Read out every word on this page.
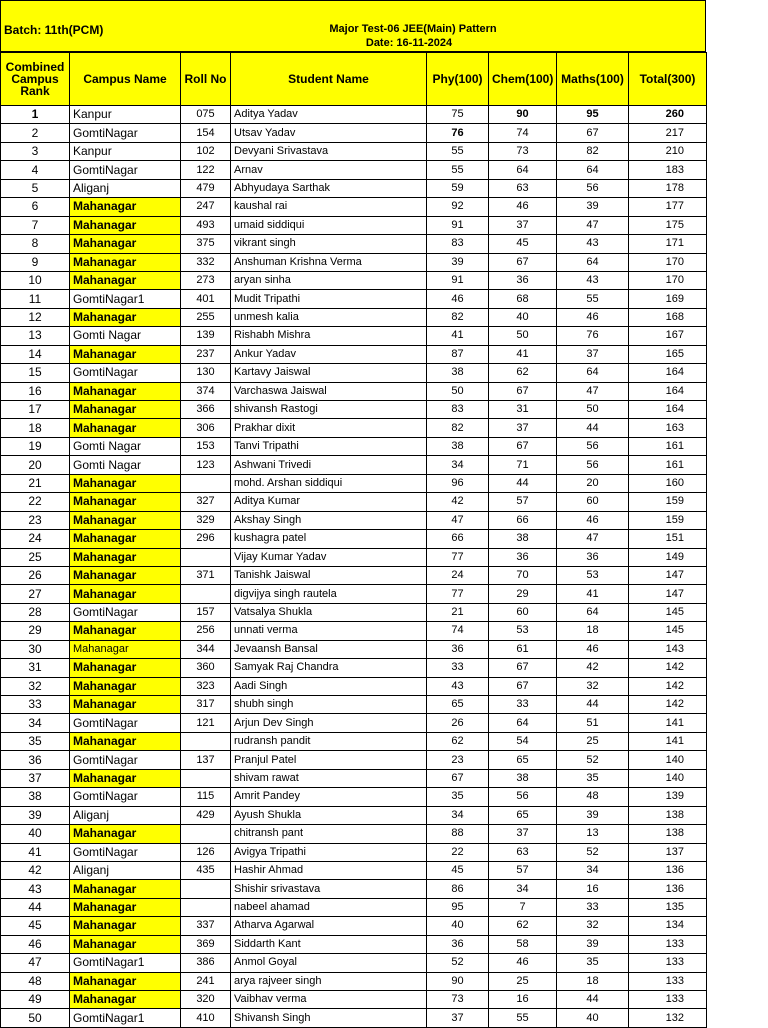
Batch: 11th(PCM)	Major Test-06 JEE(Main) Pattern
Date: 16-11-2024
Combined Campus Rank	Campus Name	Roll No	Student Name	Phy(100)	Chem(100)	Maths(100)	Total(300)
1	Kanpur	075	Aditya Yadav	75	90	95	260
2	GomtiNagar	154	Utsav Yadav	76	74	67	217
3	Kanpur	102	Devyani Srivastava	55	73	82	210
4	GomtiNagar	122	Arnav	55	64	64	183
5	Aliganj	479	Abhyudaya Sarthak	59	63	56	178
6	Mahanagar	247	kaushal rai	92	46	39	177
7	Mahanagar	493	umaid siddiqui	91	37	47	175
8	Mahanagar	375	vikrant singh	83	45	43	171
9	Mahanagar	332	Anshuman Krishna Verma	39	67	64	170
10	Mahanagar	273	aryan sinha	91	36	43	170
11	GomtiNagar1	401	Mudit Tripathi	46	68	55	169
12	Mahanagar	255	unmesh kalia	82	40	46	168
13	Gomti Nagar	139	Rishabh Mishra	41	50	76	167
14	Mahanagar	237	Ankur Yadav	87	41	37	165
15	GomtiNagar	130	Kartavy Jaiswal	38	62	64	164
16	Mahanagar	374	Varchaswa Jaiswal	50	67	47	164
17	Mahanagar	366	shivansh Rastogi	83	31	50	164
18	Mahanagar	306	Prakhar dixit	82	37	44	163
19	Gomti Nagar	153	Tanvi Tripathi	38	67	56	161
20	Gomti Nagar	123	Ashwani Trivedi	34	71	56	161
21	Mahanagar		mohd. Arshan siddiqui	96	44	20	160
22	Mahanagar	327	Aditya Kumar	42	57	60	159
23	Mahanagar	329	Akshay Singh	47	66	46	159
24	Mahanagar	296	kushagra patel	66	38	47	151
25	Mahanagar		Vijay Kumar Yadav	77	36	36	149
26	Mahanagar	371	Tanishk Jaiswal	24	70	53	147
27	Mahanagar		digvijya singh rautela	77	29	41	147
28	GomtiNagar	157	Vatsalya Shukla	21	60	64	145
29	Mahanagar	256	unnati verma	74	53	18	145
30	Mahanagar	344	Jevaansh Bansal	36	61	46	143
31	Mahanagar	360	Samyak Raj Chandra	33	67	42	142
32	Mahanagar	323	Aadi Singh	43	67	32	142
33	Mahanagar	317	shubh singh	65	33	44	142
34	GomtiNagar	121	Arjun Dev Singh	26	64	51	141
35	Mahanagar		rudransh pandit	62	54	25	141
36	GomtiNagar	137	Pranjul Patel	23	65	52	140
37	Mahanagar		shivam rawat	67	38	35	140
38	GomtiNagar	115	Amrit Pandey	35	56	48	139
39	Aliganj	429	Ayush Shukla	34	65	39	138
40	Mahanagar		chitransh pant	88	37	13	138
41	GomtiNagar	126	Avigya Tripathi	22	63	52	137
42	Aliganj	435	Hashir Ahmad	45	57	34	136
43	Mahanagar		Shishir srivastava	86	34	16	136
44	Mahanagar		nabeel ahamad	95	7	33	135
45	Mahanagar	337	Atharva Agarwal	40	62	32	134
46	Mahanagar	369	Siddarth Kant	36	58	39	133
47	GomtiNagar1	386	Anmol Goyal	52	46	35	133
48	Mahanagar	241	arya rajveer singh	90	25	18	133
49	Mahanagar	320	Vaibhav verma	73	16	44	133
50	GomtiNagar1	410	Shivansh Singh	37	55	40	132
